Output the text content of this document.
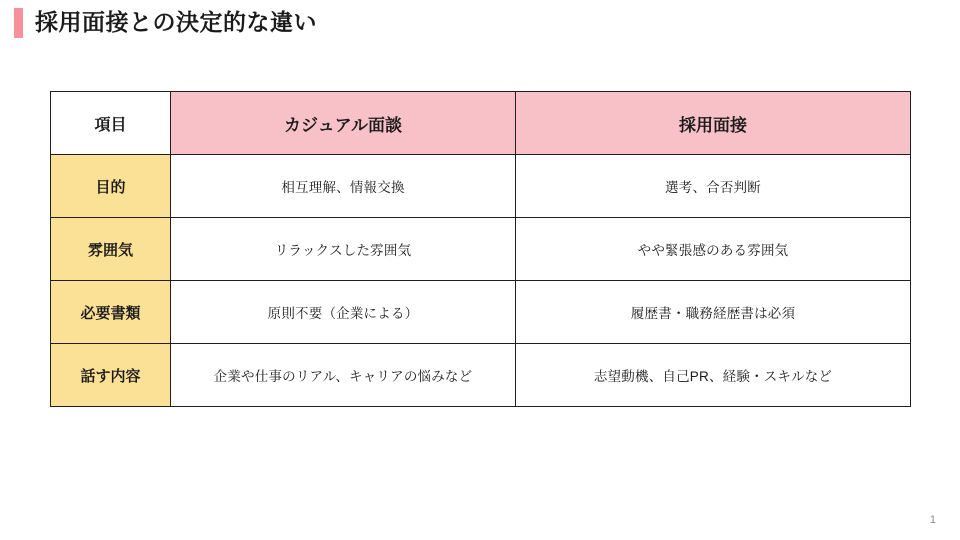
採用面接との決定的な違い
項目	カジュアル面談	採用面接
目的	相互理解、情報交換	選考、合否判断
雰囲気	リラックスした雰囲気	やや緊張感のある雰囲気
必要書類	原則不要（企業による）	履歴書・職務経歴書は必須
話す内容	企業や仕事のリアル、キャリアの悩みなど	志望動機、自己PR、経験・スキルなど
1
